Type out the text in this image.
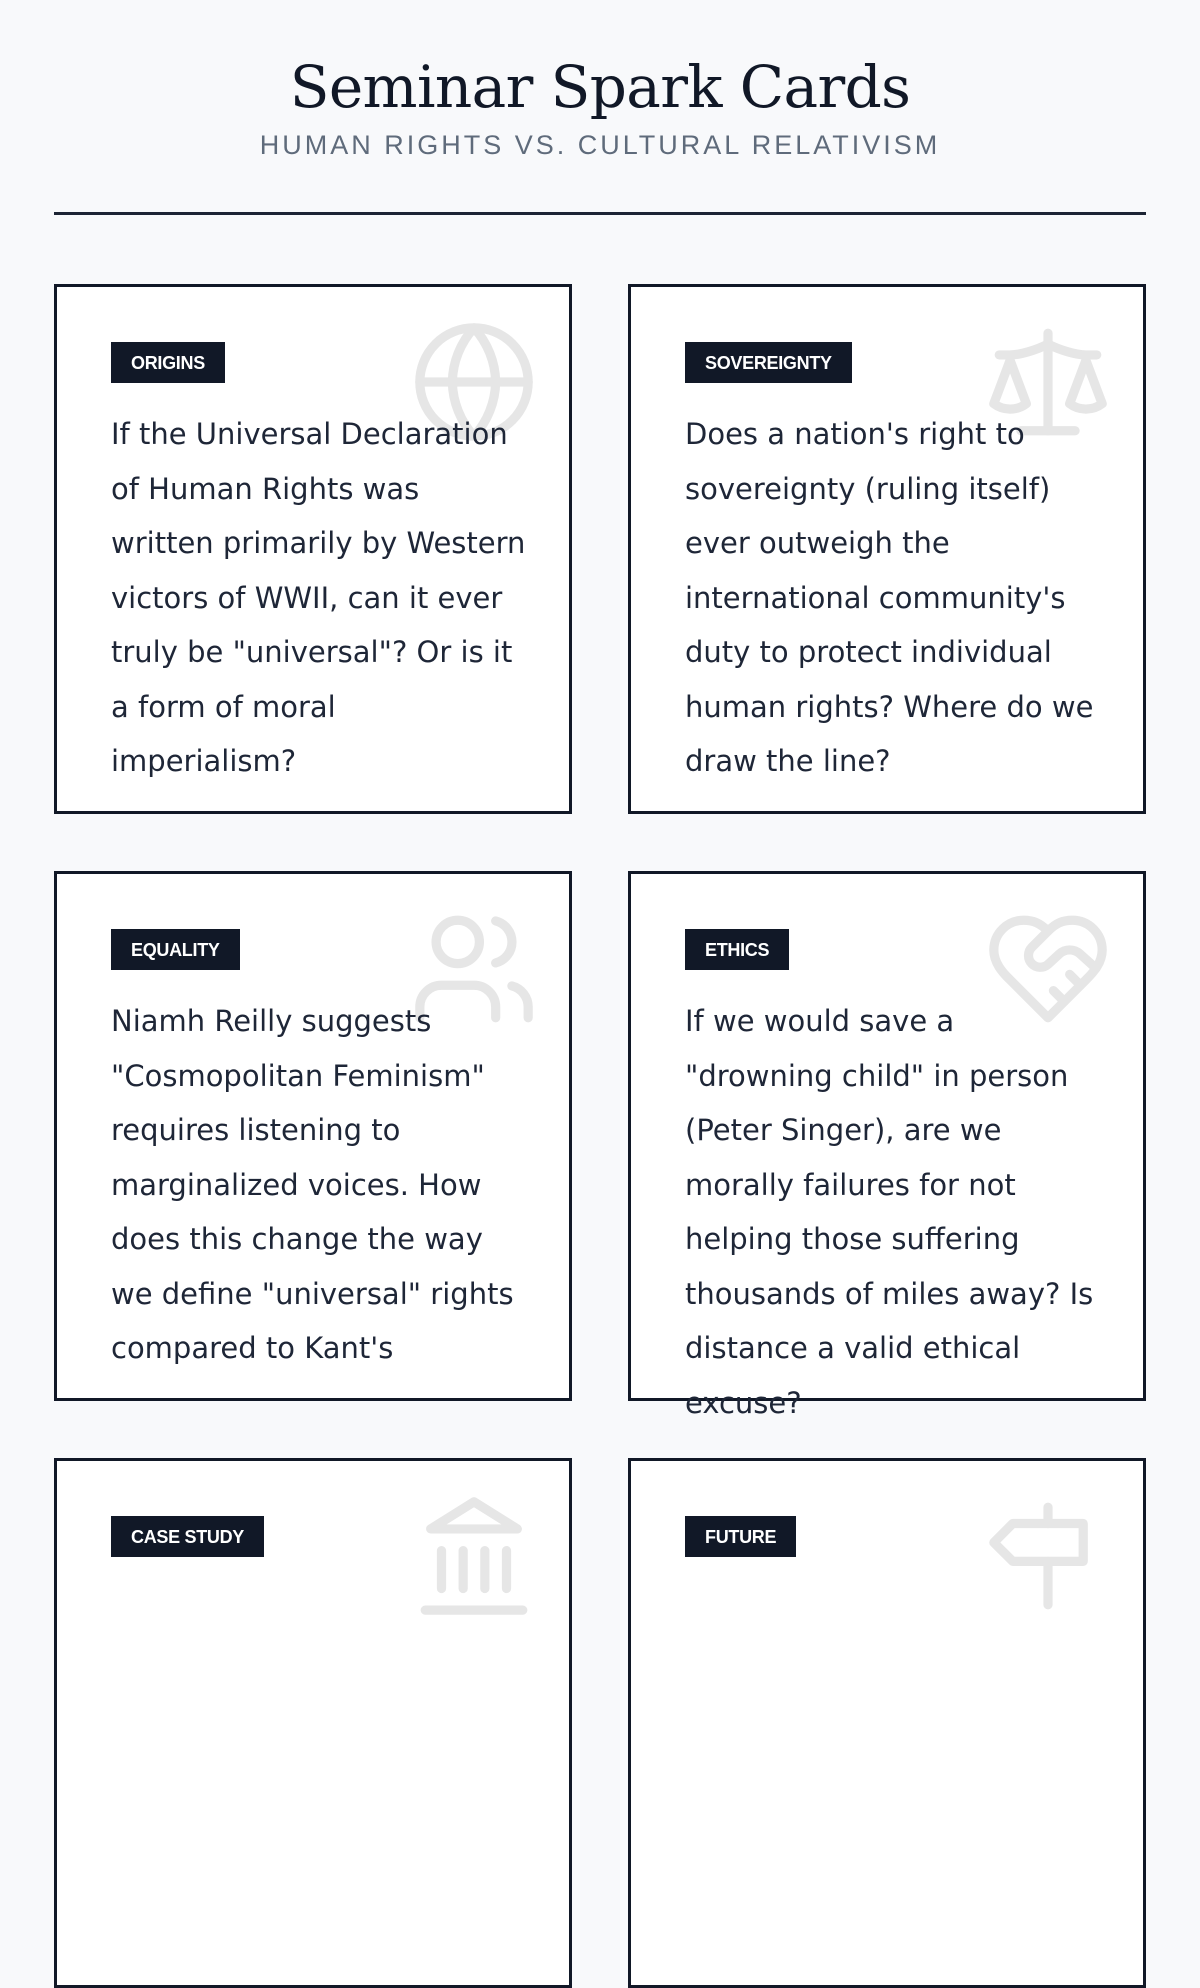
Seminar Spark Cards
HUMAN RIGHTS VS. CULTURAL RELATIVISM
ORIGINS

If the Universal Declaration of Human Rights was written primarily by Western victors of WWII, can it ever truly be "universal"? Or is it a form of moral imperialism?

SOVEREIGNTY

Does a nation's right to sovereignty (ruling itself) ever outweigh the international community's duty to protect individual human rights? Where do we draw the line?

EQUALITY

Niamh Reilly suggests "Cosmopolitan Feminism" requires listening to marginalized voices. How does this change the way we define "universal" rights compared to Kant's

ETHICS

If we would save a "drowning child" in person (Peter Singer), are we morally failures for not helping those suffering thousands of miles away? Is distance a valid ethical excuse?

CASE STUDY	FUTURE
